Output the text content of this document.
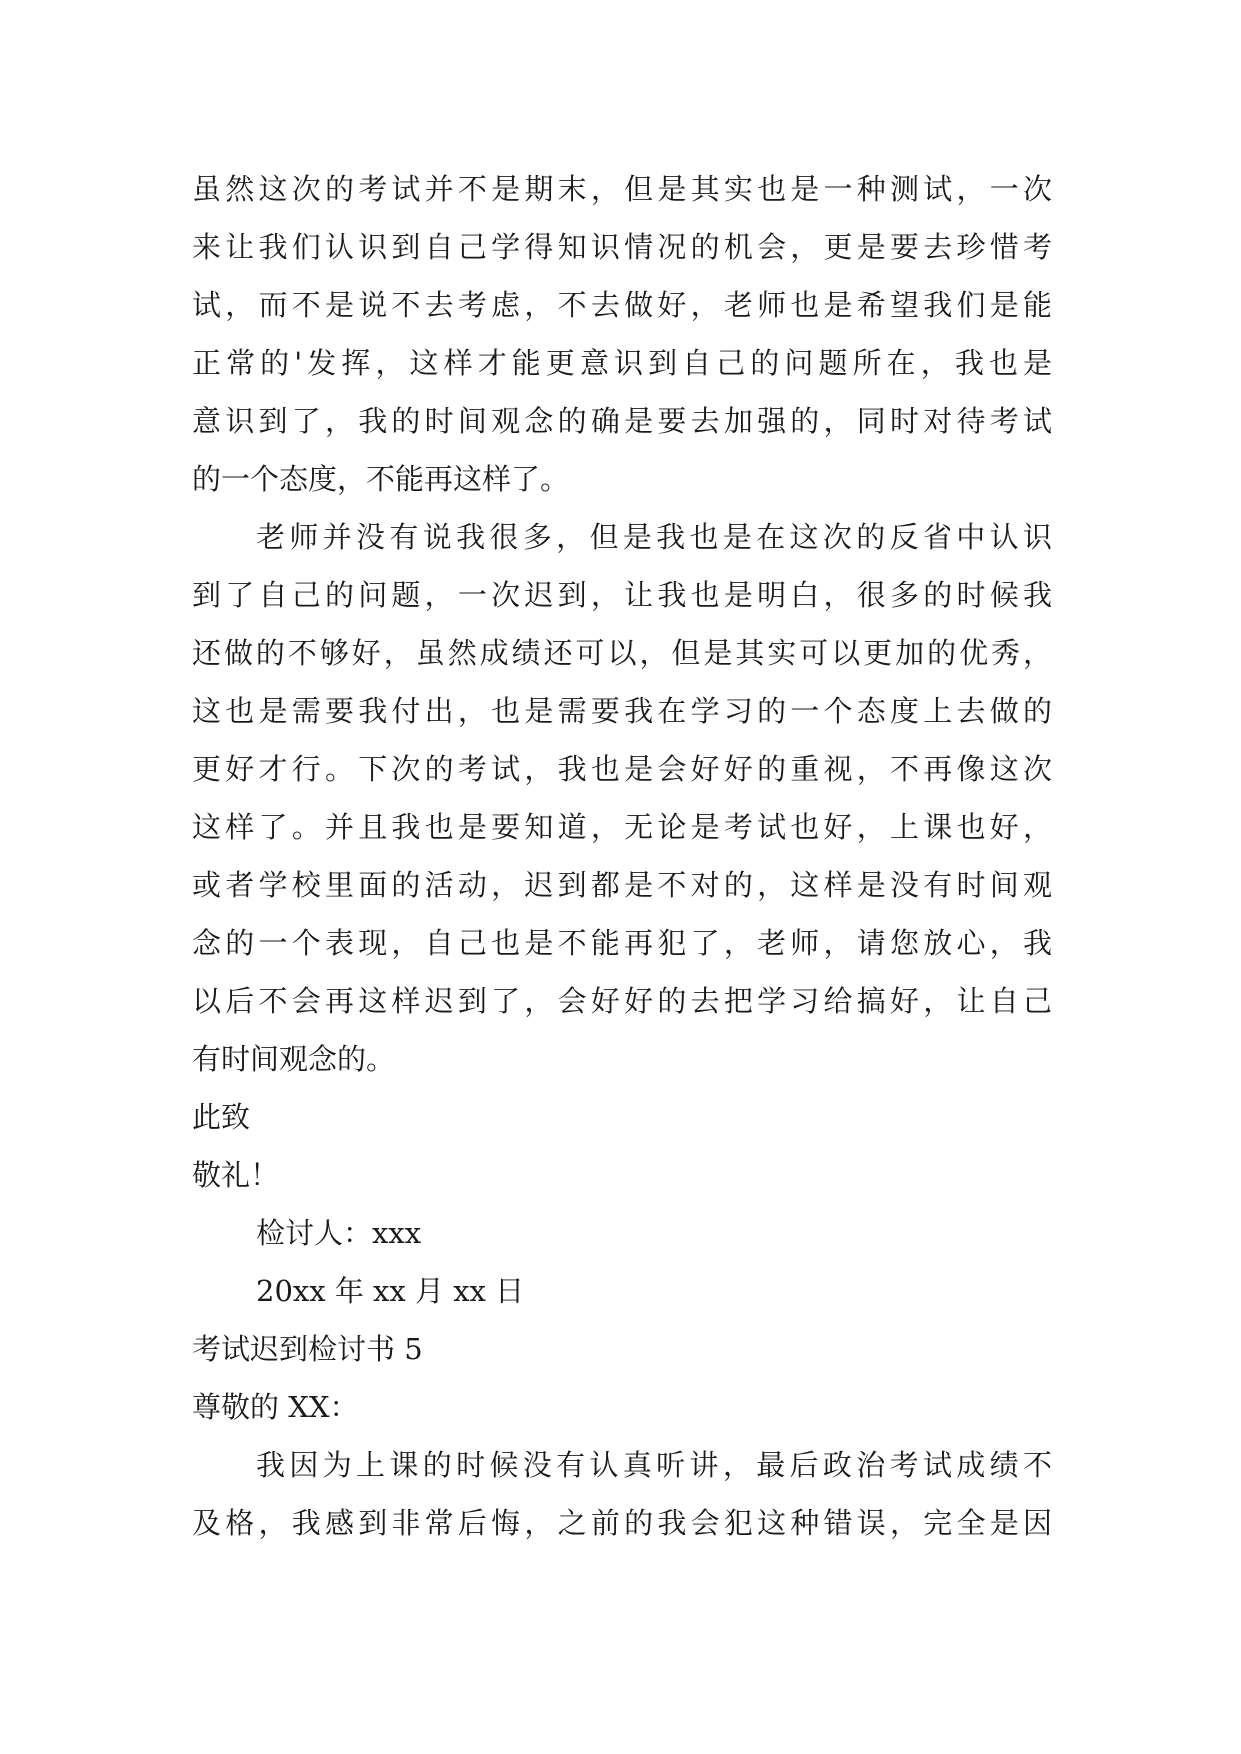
虽然这次的考试并不是期末，但是其实也是一种测试，一次
来让我们认识到自己学得知识情况的机会，更是要去珍惜考
试，而不是说不去考虑，不去做好，老师也是希望我们是能
正常的'发挥，这样才能更意识到自己的问题所在，我也是
意识到了，我的时间观念的确是要去加强的，同时对待考试
的一个态度，不能再这样了。
老师并没有说我很多，但是我也是在这次的反省中认识
到了自己的问题，一次迟到，让我也是明白，很多的时候我
还做的不够好，虽然成绩还可以，但是其实可以更加的优秀，
这也是需要我付出，也是需要我在学习的一个态度上去做的
更好才行。下次的考试，我也是会好好的重视，不再像这次
这样了。并且我也是要知道，无论是考试也好，上课也好，
或者学校里面的活动，迟到都是不对的，这样是没有时间观
念的一个表现，自己也是不能再犯了，老师，请您放心，我
以后不会再这样迟到了，会好好的去把学习给搞好，让自己
有时间观念的。
此致
敬礼！
检讨人：xxx
20xx 年 xx 月 xx 日
考试迟到检讨书 5
尊敬的 XX：
我因为上课的时候没有认真听讲，最后政治考试成绩不
及格，我感到非常后悔，之前的我会犯这种错误，完全是因
